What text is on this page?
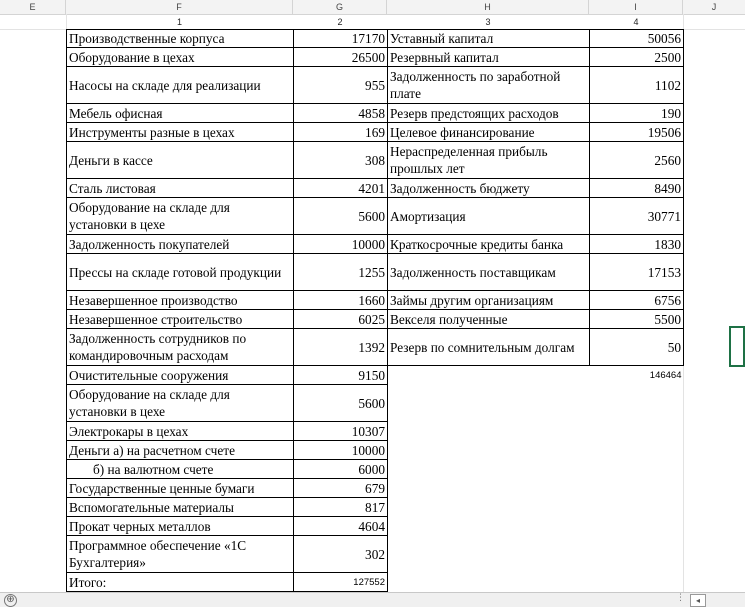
E	F	G	H	I	J
1	2	3	4
Производственные корпуса	17170	Уставный капитал	50056
Оборудование в цехах	26500	Резервный капитал	2500
Насосы на складе для реализации	955	Задолженность по заработной плате	1102
Мебель офисная	4858	Резерв предстоящих расходов	190
Инструменты разные в цехах	169	Целевое финансирование	19506
Деньги в кассе	308	Нераспределенная прибыль прошлых лет	2560
Сталь листовая	4201	Задолженность бюджету	8490
Оборудование на складе для установки в цехе	5600	Амортизация	30771
Задолженность покупателей	10000	Краткосрочные кредиты банка	1830
Прессы на складе готовой продукции	1255	Задолженность поставщикам	17153
Незавершенное производство	1660	Займы другим организациям	6756
Незавершенное строительство	6025	Векселя полученные	5500
Задолженность сотрудников по командировочным расходам	1392	Резерв по сомнительным долгам	50
Очистительные сооружения	9150		146464
Оборудование на складе для установки в цехе	5600		
Электрокары в цехах	10307		
Деньги а) на расчетном счете	10000		
б) на валютном счете	6000		
Государственные ценные бумаги	679		
Вспомогательные материалы	817		
Прокат черных металлов	4604		
Программное обеспечение «1С Бухгалтерия»	302		
Итого:	127552		
⊕	⋮	◂
